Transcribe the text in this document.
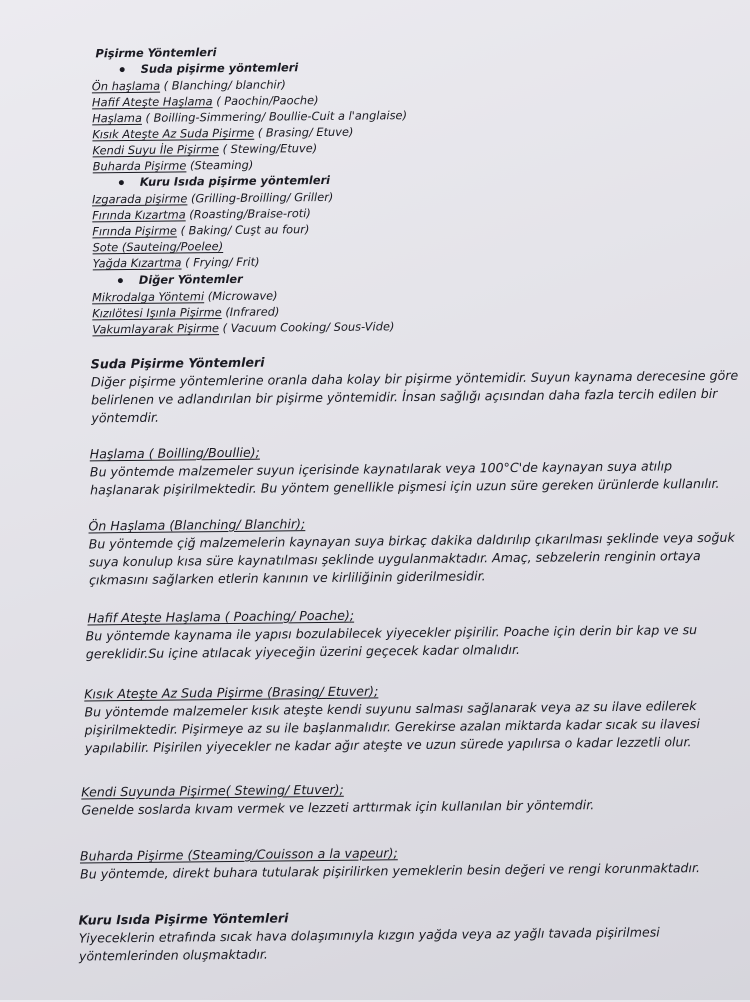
Pişirme Yöntemleri
Suda pişirme yöntemleri
Ön haşlama ( Blanching/ blanchir)
Hafif Ateşte Haşlama ( Paochin/Paoche)
Haşlama ( Boilling-Simmering/ Boullie-Cuit a l'anglaise)
Kısık Ateşte Az Suda Pişirme ( Brasing/ Etuve)
Kendi Suyu İle Pişirme ( Stewing/Etuve)
Buharda Pişirme (Steaming)
Kuru Isıda pişirme yöntemleri
Izgarada pişirme (Grilling-Broilling/ Griller)
Fırında Kızartma (Roasting/Braise-roti)
Fırında Pişirme ( Baking/ Cuşt au four)
Sote (Sauteing/Poelee)
Yağda Kızartma ( Frying/ Frit)
Diğer Yöntemler
Mikrodalga Yöntemi (Microwave)
Kızılötesi Işınla Pişirme (Infrared)
Vakumlayarak Pişirme ( Vacuum Cooking/ Sous-Vide)
Suda Pişirme Yöntemleri
Diğer pişirme yöntemlerine oranla daha kolay bir pişirme yöntemidir. Suyun kaynama derecesine göre
belirlenen ve adlandırılan bir pişirme yöntemidir. İnsan sağlığı açısından daha fazla tercih edilen bir
yöntemdir.
Haşlama ( Boilling/Boullie);
Bu yöntemde malzemeler suyun içerisinde kaynatılarak veya 100°C'de kaynayan suya atılıp
haşlanarak pişirilmektedir. Bu yöntem genellikle pişmesi için uzun süre gereken ürünlerde kullanılır.
Ön Haşlama (Blanching/ Blanchir);
Bu yöntemde çiğ malzemelerin kaynayan suya birkaç dakika daldırılıp çıkarılması şeklinde veya soğuk
suya konulup kısa süre kaynatılması şeklinde uygulanmaktadır. Amaç, sebzelerin renginin ortaya
çıkmasını sağlarken etlerin kanının ve kirliliğinin giderilmesidir.
Hafif Ateşte Haşlama ( Poaching/ Poache);
Bu yöntemde kaynama ile yapısı bozulabilecek yiyecekler pişirilir. Poache için derin bir kap ve su
gereklidir.Su içine atılacak yiyeceğin üzerini geçecek kadar olmalıdır.
Kısık Ateşte Az Suda Pişirme (Brasing/ Etuver);
Bu yöntemde malzemeler kısık ateşte kendi suyunu salması sağlanarak veya az su ilave edilerek
pişirilmektedir. Pişirmeye az su ile başlanmalıdır. Gerekirse azalan miktarda kadar sıcak su ilavesi
yapılabilir. Pişirilen yiyecekler ne kadar ağır ateşte ve uzun sürede yapılırsa o kadar lezzetli olur.
Kendi Suyunda Pişirme( Stewing/ Etuver);
Genelde soslarda kıvam vermek ve lezzeti arttırmak için kullanılan bir yöntemdir.
Buharda Pişirme (Steaming/Couisson a la vapeur);
Bu yöntemde, direkt buhara tutularak pişirilirken yemeklerin besin değeri ve rengi korunmaktadır.
Kuru Isıda Pişirme Yöntemleri
Yiyeceklerin etrafında sıcak hava dolaşımınıyla kızgın yağda veya az yağlı tavada pişirilmesi
yöntemlerinden oluşmaktadır.
